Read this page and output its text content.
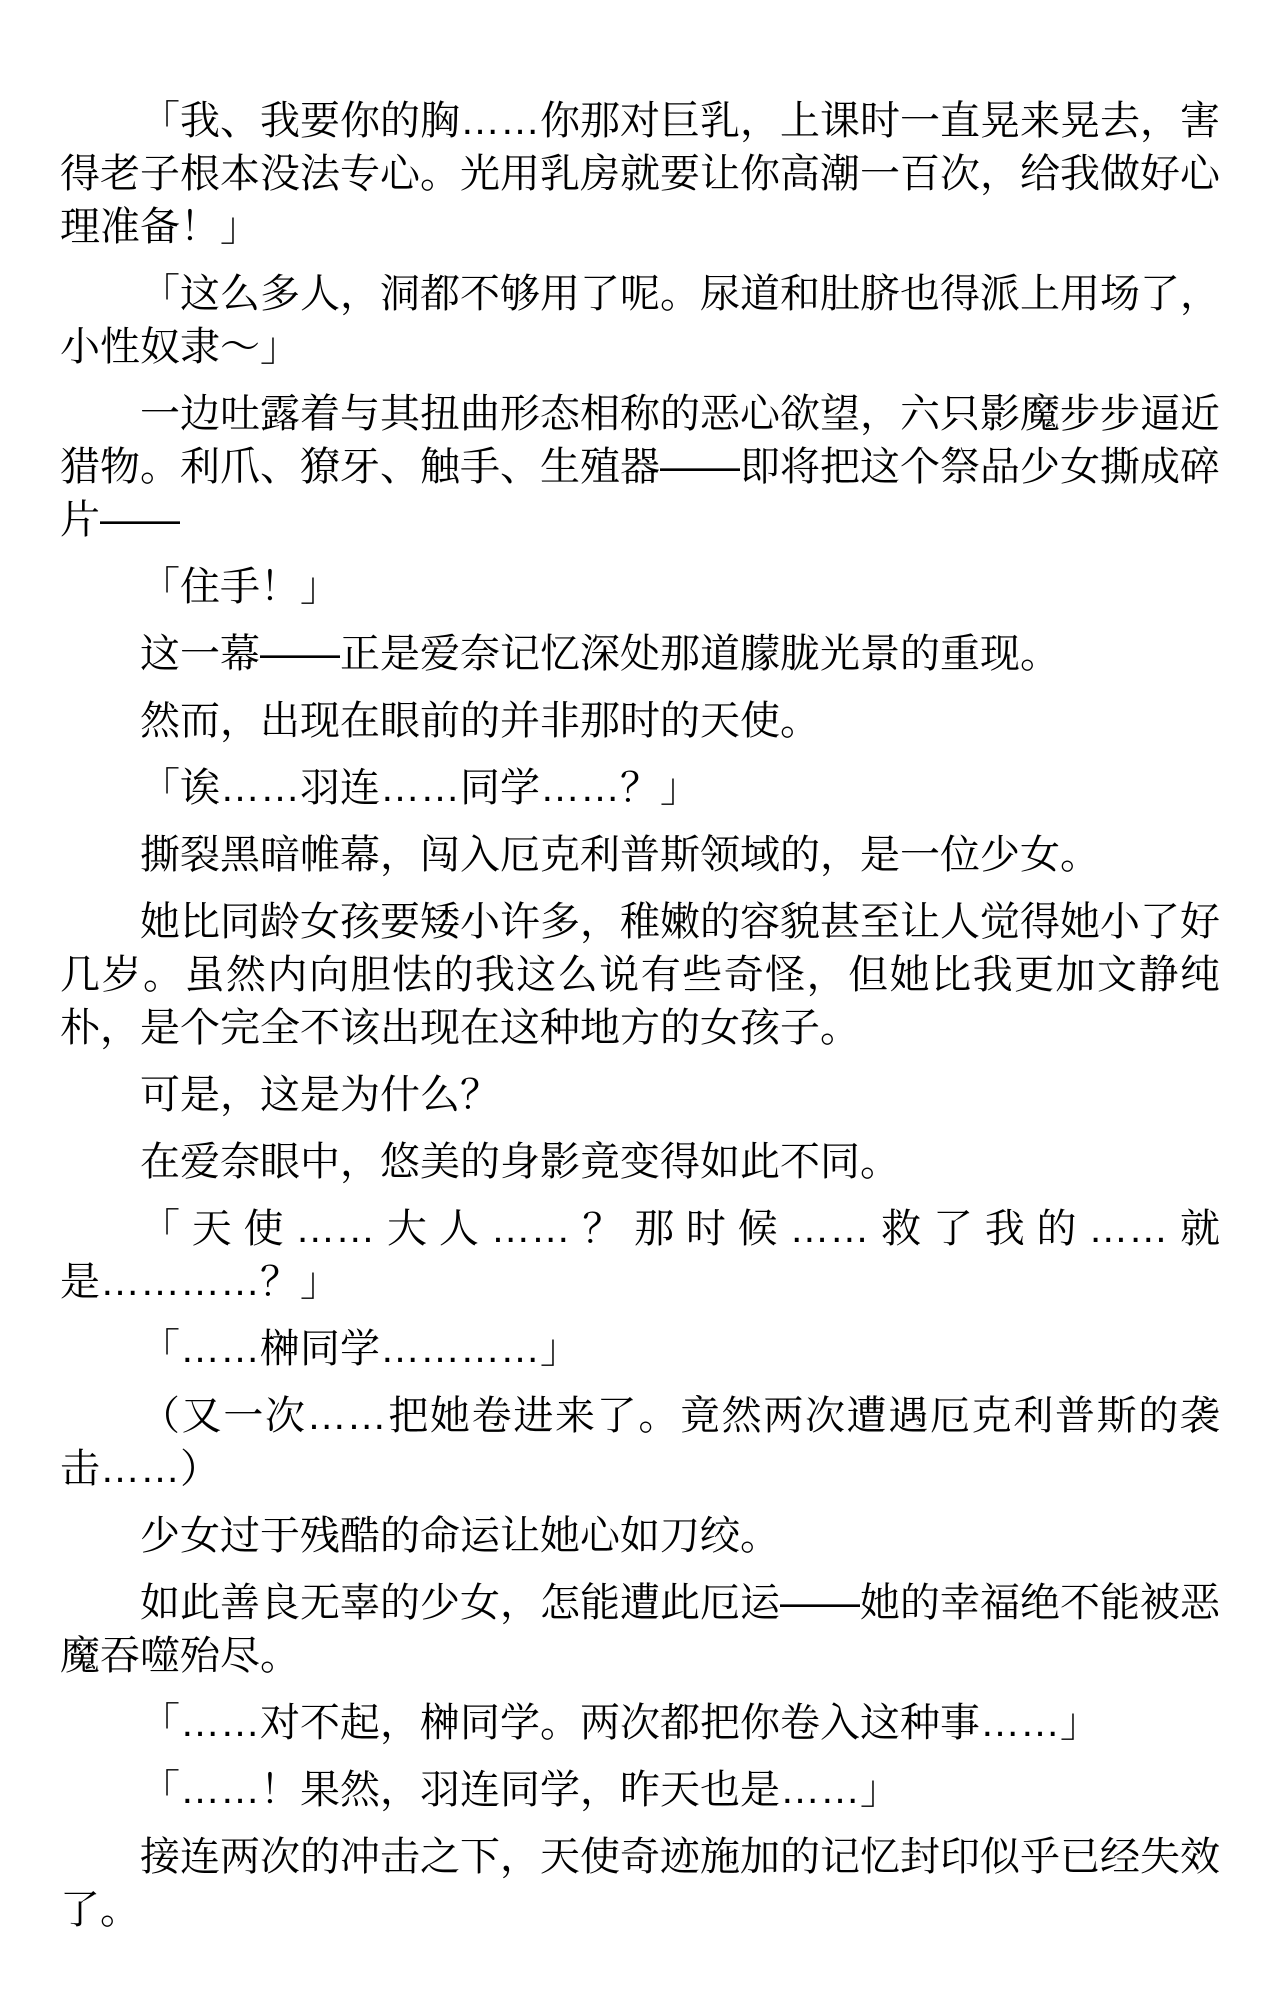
「我、我要你的胸……你那对巨乳，上课时一直晃来晃去，害得老子根本没法专心。光用乳房就要让你高潮一百次，给我做好心理准备！」

「这么多人，洞都不够用了呢。尿道和肚脐也得派上用场了，小性奴隶～」

一边吐露着与其扭曲形态相称的恶心欲望，六只影魔步步逼近猎物。利爪、獠牙、触手、生殖器——即将把这个祭品少女撕成碎片——

「住手！」

这一幕——正是爱奈记忆深处那道朦胧光景的重现。

然而，出现在眼前的并非那时的天使。

「诶……羽连……同学……？」

撕裂黑暗帷幕，闯入厄克利普斯领域的，是一位少女。

她比同龄女孩要矮小许多，稚嫩的容貌甚至让人觉得她小了好几岁。虽然内向胆怯的我这么说有些奇怪，但她比我更加文静纯朴，是个完全不该出现在这种地方的女孩子。

可是，这是为什么？

在爱奈眼中，悠美的身影竟变得如此不同。

「天使……大人……？那时候……救了我的……就是…………？」

「……榊同学…………」

（又一次……把她卷进来了。竟然两次遭遇厄克利普斯的袭击……）

少女过于残酷的命运让她心如刀绞。

如此善良无辜的少女，怎能遭此厄运——她的幸福绝不能被恶魔吞噬殆尽。

「……对不起，榊同学。两次都把你卷入这种事……」

「……！果然，羽连同学，昨天也是……」

接连两次的冲击之下，天使奇迹施加的记忆封印似乎已经失效了。
